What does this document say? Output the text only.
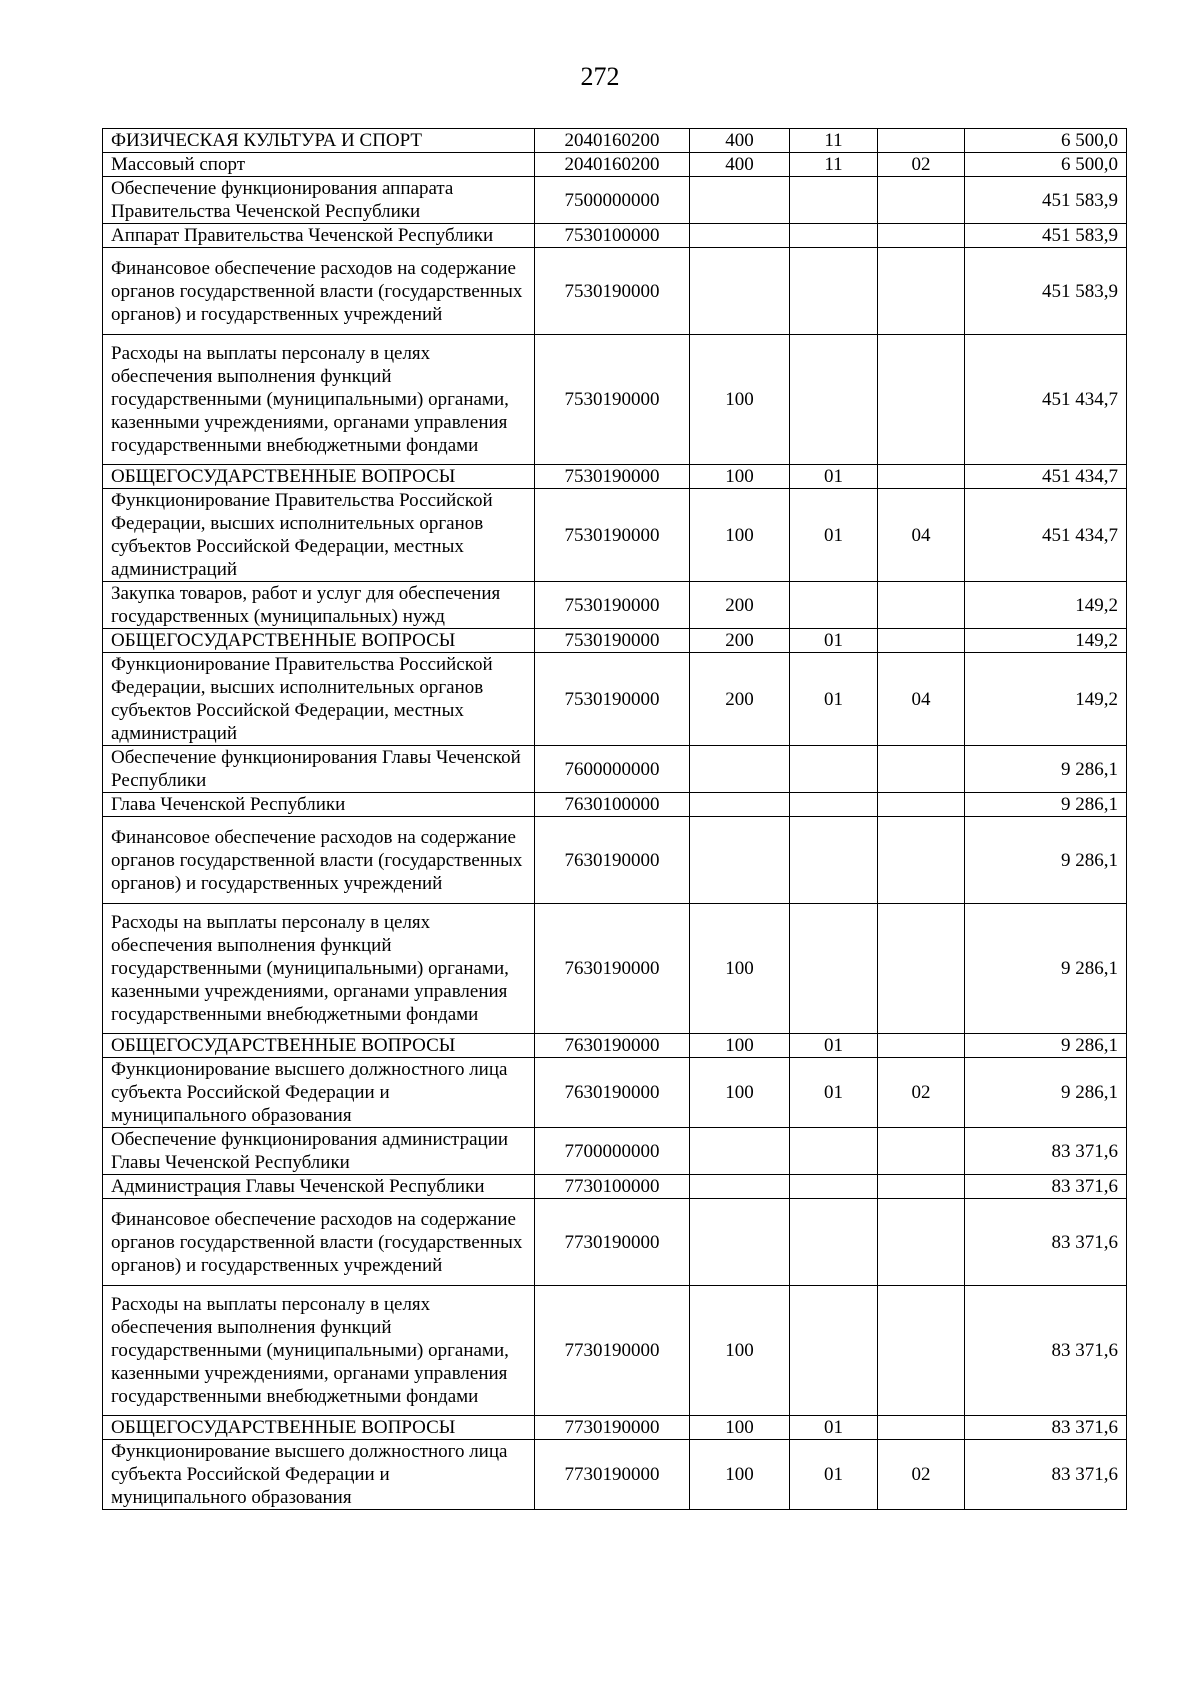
272
ФИЗИЧЕСКАЯ КУЛЬТУРА И СПОРТ	2040160200	400	11		6 500,0
Массовый спорт	2040160200	400	11	02	6 500,0
Обеспечение функционирования аппарата Правительства Чеченской Республики	7500000000				451 583,9
Аппарат Правительства Чеченской Республики	7530100000				451 583,9
Финансовое обеспечение расходов на содержание органов государственной власти (государственных органов) и государственных учреждений	7530190000				451 583,9
Расходы на выплаты персоналу в целях обеспечения выполнения функций государственными (муниципальными) органами, казенными учреждениями, органами управления государственными внебюджетными фондами	7530190000	100			451 434,7
ОБЩЕГОСУДАРСТВЕННЫЕ ВОПРОСЫ	7530190000	100	01		451 434,7
Функционирование Правительства Российской Федерации, высших исполнительных органов субъектов Российской Федерации, местных администраций	7530190000	100	01	04	451 434,7
Закупка товаров, работ и услуг для обеспечения государственных (муниципальных) нужд	7530190000	200			149,2
ОБЩЕГОСУДАРСТВЕННЫЕ ВОПРОСЫ	7530190000	200	01		149,2
Функционирование Правительства Российской Федерации, высших исполнительных органов субъектов Российской Федерации, местных администраций	7530190000	200	01	04	149,2
Обеспечение функционирования Главы Чеченской Республики	7600000000				9 286,1
Глава Чеченской Республики	7630100000				9 286,1
Финансовое обеспечение расходов на содержание органов государственной власти (государственных органов) и государственных учреждений	7630190000				9 286,1
Расходы на выплаты персоналу в целях обеспечения выполнения функций государственными (муниципальными) органами, казенными учреждениями, органами управления государственными внебюджетными фондами	7630190000	100			9 286,1
ОБЩЕГОСУДАРСТВЕННЫЕ ВОПРОСЫ	7630190000	100	01		9 286,1
Функционирование высшего должностного лица субъекта Российской Федерации и муниципального образования	7630190000	100	01	02	9 286,1
Обеспечение функционирования администрации Главы Чеченской Республики	7700000000				83 371,6
Администрация Главы Чеченской Республики	7730100000				83 371,6
Финансовое обеспечение расходов на содержание органов государственной власти (государственных органов) и государственных учреждений	7730190000				83 371,6
Расходы на выплаты персоналу в целях обеспечения выполнения функций государственными (муниципальными) органами, казенными учреждениями, органами управления государственными внебюджетными фондами	7730190000	100			83 371,6
ОБЩЕГОСУДАРСТВЕННЫЕ ВОПРОСЫ	7730190000	100	01		83 371,6
Функционирование высшего должностного лица субъекта Российской Федерации и муниципального образования	7730190000	100	01	02	83 371,6
